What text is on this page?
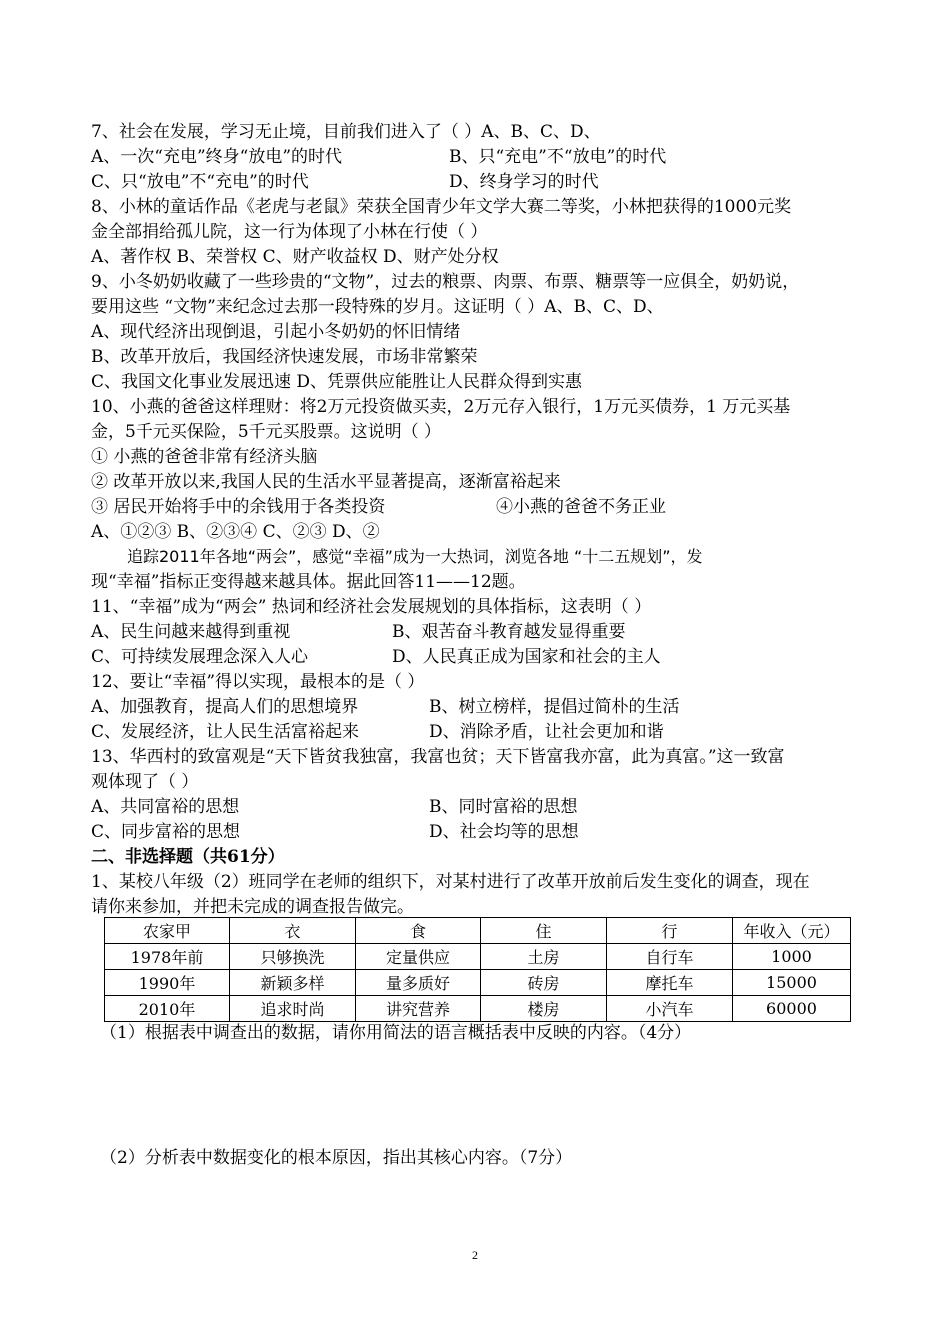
7、社会在发展，学习无止境，目前我们进入了（ ）A、B、C、D、
A、一次“充电”终身“放电”的时代	B、只“充电”不“放电”的时代
C、只“放电”不“充电”的时代	D、终身学习的时代
8、小林的童话作品《老虎与老鼠》荣获全国青少年文学大赛二等奖，小林把获得的1000元奖
金全部捐给孤儿院，这一行为体现了小林在行使（ ）
A、著作权 B、荣誉权 C、财产收益权 D、财产处分权
9、小冬奶奶收藏了一些珍贵的“文物”，过去的粮票、肉票、布票、糖票等一应俱全，奶奶说，
要用这些 “文物”来纪念过去那一段特殊的岁月。这证明（ ）A、B、C、D、
A、现代经济出现倒退，引起小冬奶奶的怀旧情绪
B、改革开放后，我国经济快速发展，市场非常繁荣
C、我国文化事业发展迅速 D、凭票供应能胜让人民群众得到实惠
10、小燕的爸爸这样理财：将2万元投资做买卖，2万元存入银行，1万元买债券，1 万元买基
金，5千元买保险，5千元买股票。这说明（ ）
① 小燕的爸爸非常有经济头脑
② 改革开放以来,我国人民的生活水平显著提高，逐渐富裕起来
③ 居民开始将手中的余钱用于各类投资	④小燕的爸爸不务正业
A、①②③ B、②③④ C、②③ D、②
追踪2011年各地“两会”，感觉“幸福”成为一大热词，浏览各地 “十二五规划”，发
现“幸福”指标正变得越来越具体。据此回答11——12题。
11、“幸福”成为“两会” 热词和经济社会发展规划的具体指标，这表明（ ）
A、民生问越来越得到重视	B、艰苦奋斗教育越发显得重要
C、可持续发展理念深入人心	D、人民真正成为国家和社会的主人
12、要让“幸福”得以实现，最根本的是（ ）
A、加强教育，提高人们的思想境界	B、树立榜样，提倡过简朴的生活
C、发展经济，让人民生活富裕起来	D、消除矛盾，让社会更加和谐
13、华西村的致富观是“天下皆贫我独富，我富也贫；天下皆富我亦富，此为真富。”这一致富
观体现了（ ）
A、共同富裕的思想	B、同时富裕的思想
C、同步富裕的思想	D、社会均等的思想
二、非选择题（共61分）
1、某校八年级（2）班同学在老师的组织下，对某村进行了改革开放前后发生变化的调查，现在
请你来参加，并把未完成的调查报告做完。
农家甲	衣	食	住	行	年收入（元）
1978年前	只够换洗	定量供应	土房	自行车	1000
1990年	新颖多样	量多质好	砖房	摩托车	15000
2010年	追求时尚	讲究营养	楼房	小汽车	60000
（1）根据表中调查出的数据，请你用简法的语言概括表中反映的内容。（4分）
（2）分析表中数据变化的根本原因，指出其核心内容。（7分）
2
